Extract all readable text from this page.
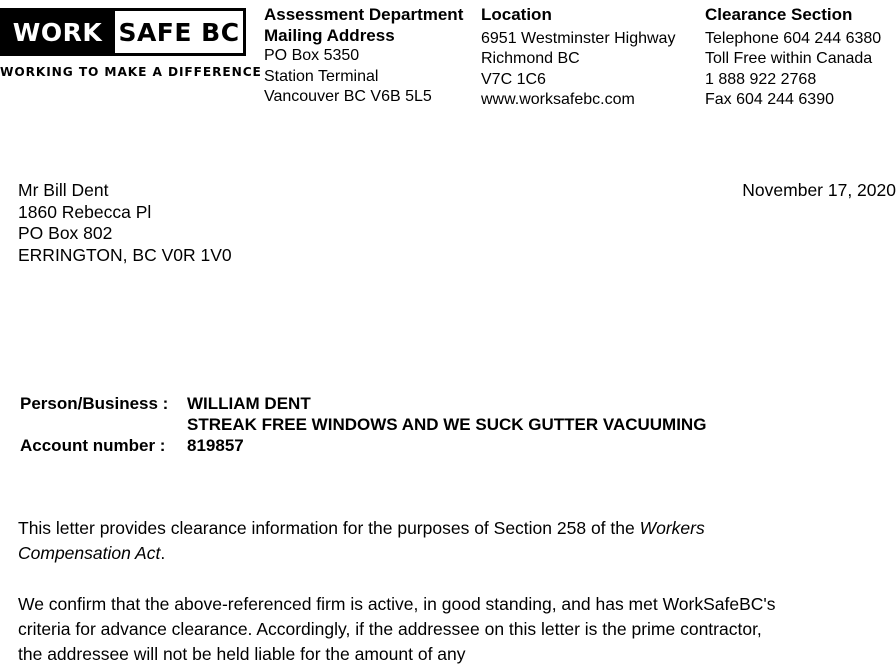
WORK SAFE BC
WORKING TO MAKE A DIFFERENCE
Assessment Department
Mailing Address
PO Box 5350
Station Terminal
Vancouver BC V6B 5L5
Location
6951 Westminster Highway
Richmond BC
V7C 1C6
www.worksafebc.com
Clearance Section
Telephone 604 244 6380
Toll Free within Canada
1 888 922 2768
Fax 604 244 6390
Mr Bill Dent
1860 Rebecca Pl
PO Box 802
ERRINGTON, BC V0R 1V0
November 17, 2020
Person/Business :	WILLIAM DENT
STREAK FREE WINDOWS AND WE SUCK GUTTER VACUUMING
Account number :	819857
This letter provides clearance information for the purposes of Section 258 of the Workers Compensation Act.
We confirm that the above-referenced firm is active, in good standing, and has met WorkSafeBC's criteria for advance clearance. Accordingly, if the addressee on this letter is the prime contractor, the addressee will not be held liable for the amount of any
